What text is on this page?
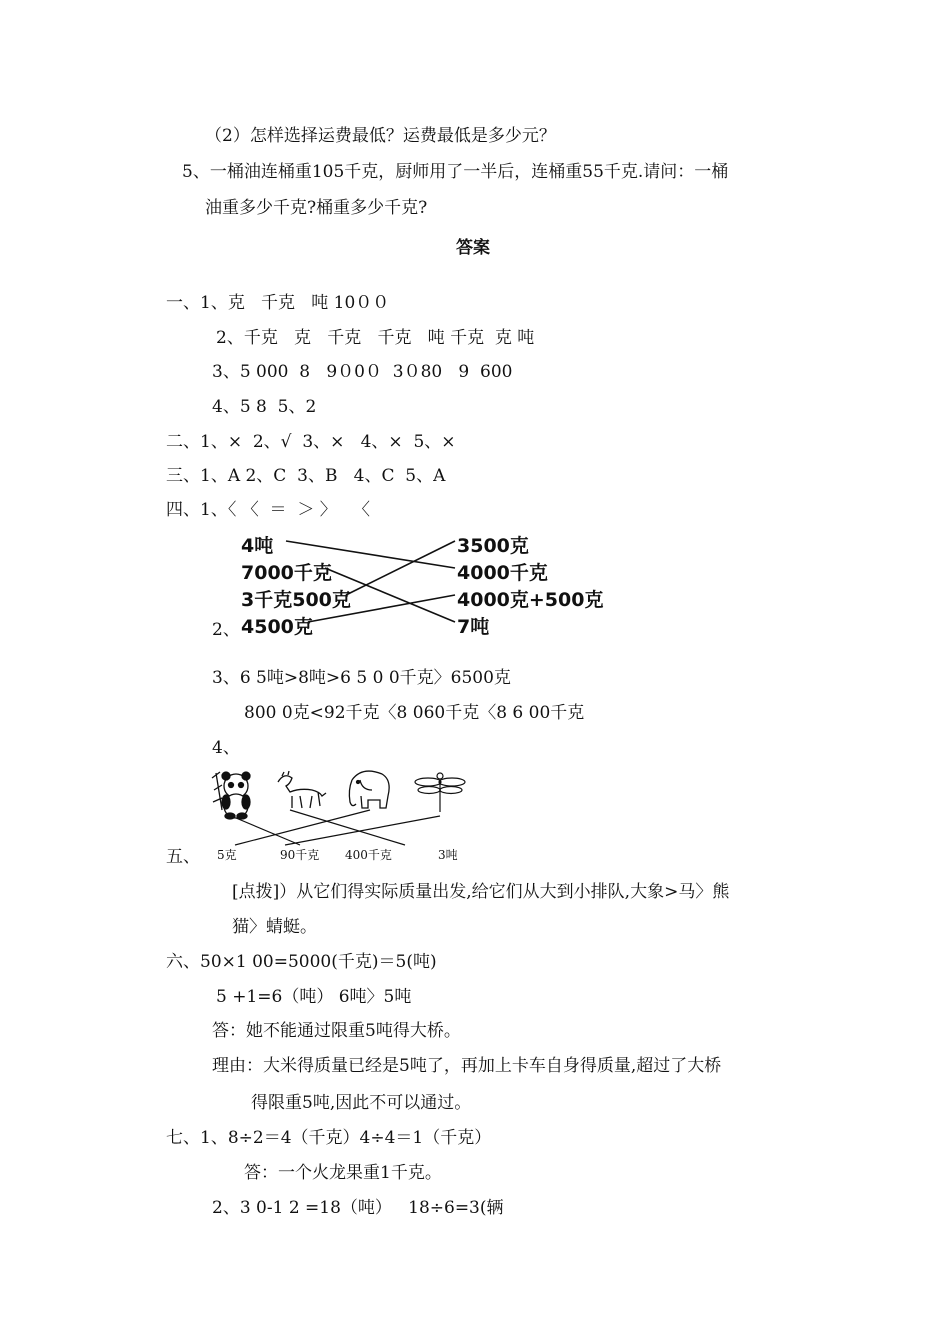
（2）怎样选择运费最低？运费最低是多少元？
5、一桶油连桶重105千克，厨师用了一半后，连桶重55千克.请问：一桶
油重多少千克?桶重多少千克?
答案
一、1、克   千克   吨 10００
2、千克   克   千克   千克   吨 千克  克 吨
3、5 000  8   9０0０  3０80   9  600
4、5 8  5、2
二、1、×  2、√  3、×   4、×  5、×
三、1、A 2、C  3、B   4、C  5、A
四、1、〈 〈  ＝  ＞ 〉   〈
4吨
7000千克
3千克500克
4500克
3500克
4000千克
4000克+500克
7吨
2、
3、6 5吨>8吨>6 5 0 0千克〉6500克
800 0克<92千克〈8 060千克〈8 6 00千克
4、
5克	90千克 400千克	3吨
五、
[点拨]）从它们得实际质量出发,给它们从大到小排队,大象>马〉熊
猫〉蜻蜓。
六、50×1 00=5000(千克)＝5(吨)
5 +1=6（吨） 6吨〉5吨
答：她不能通过限重5吨得大桥。
理由：大米得质量已经是5吨了，再加上卡车自身得质量,超过了大桥
得限重5吨,因此不可以通过。
七、1、8÷2＝4（千克）4÷4＝1（千克）
答：一个火龙果重1千克。
2、3 0-1 2 =18（吨）   18÷6=3(辆
